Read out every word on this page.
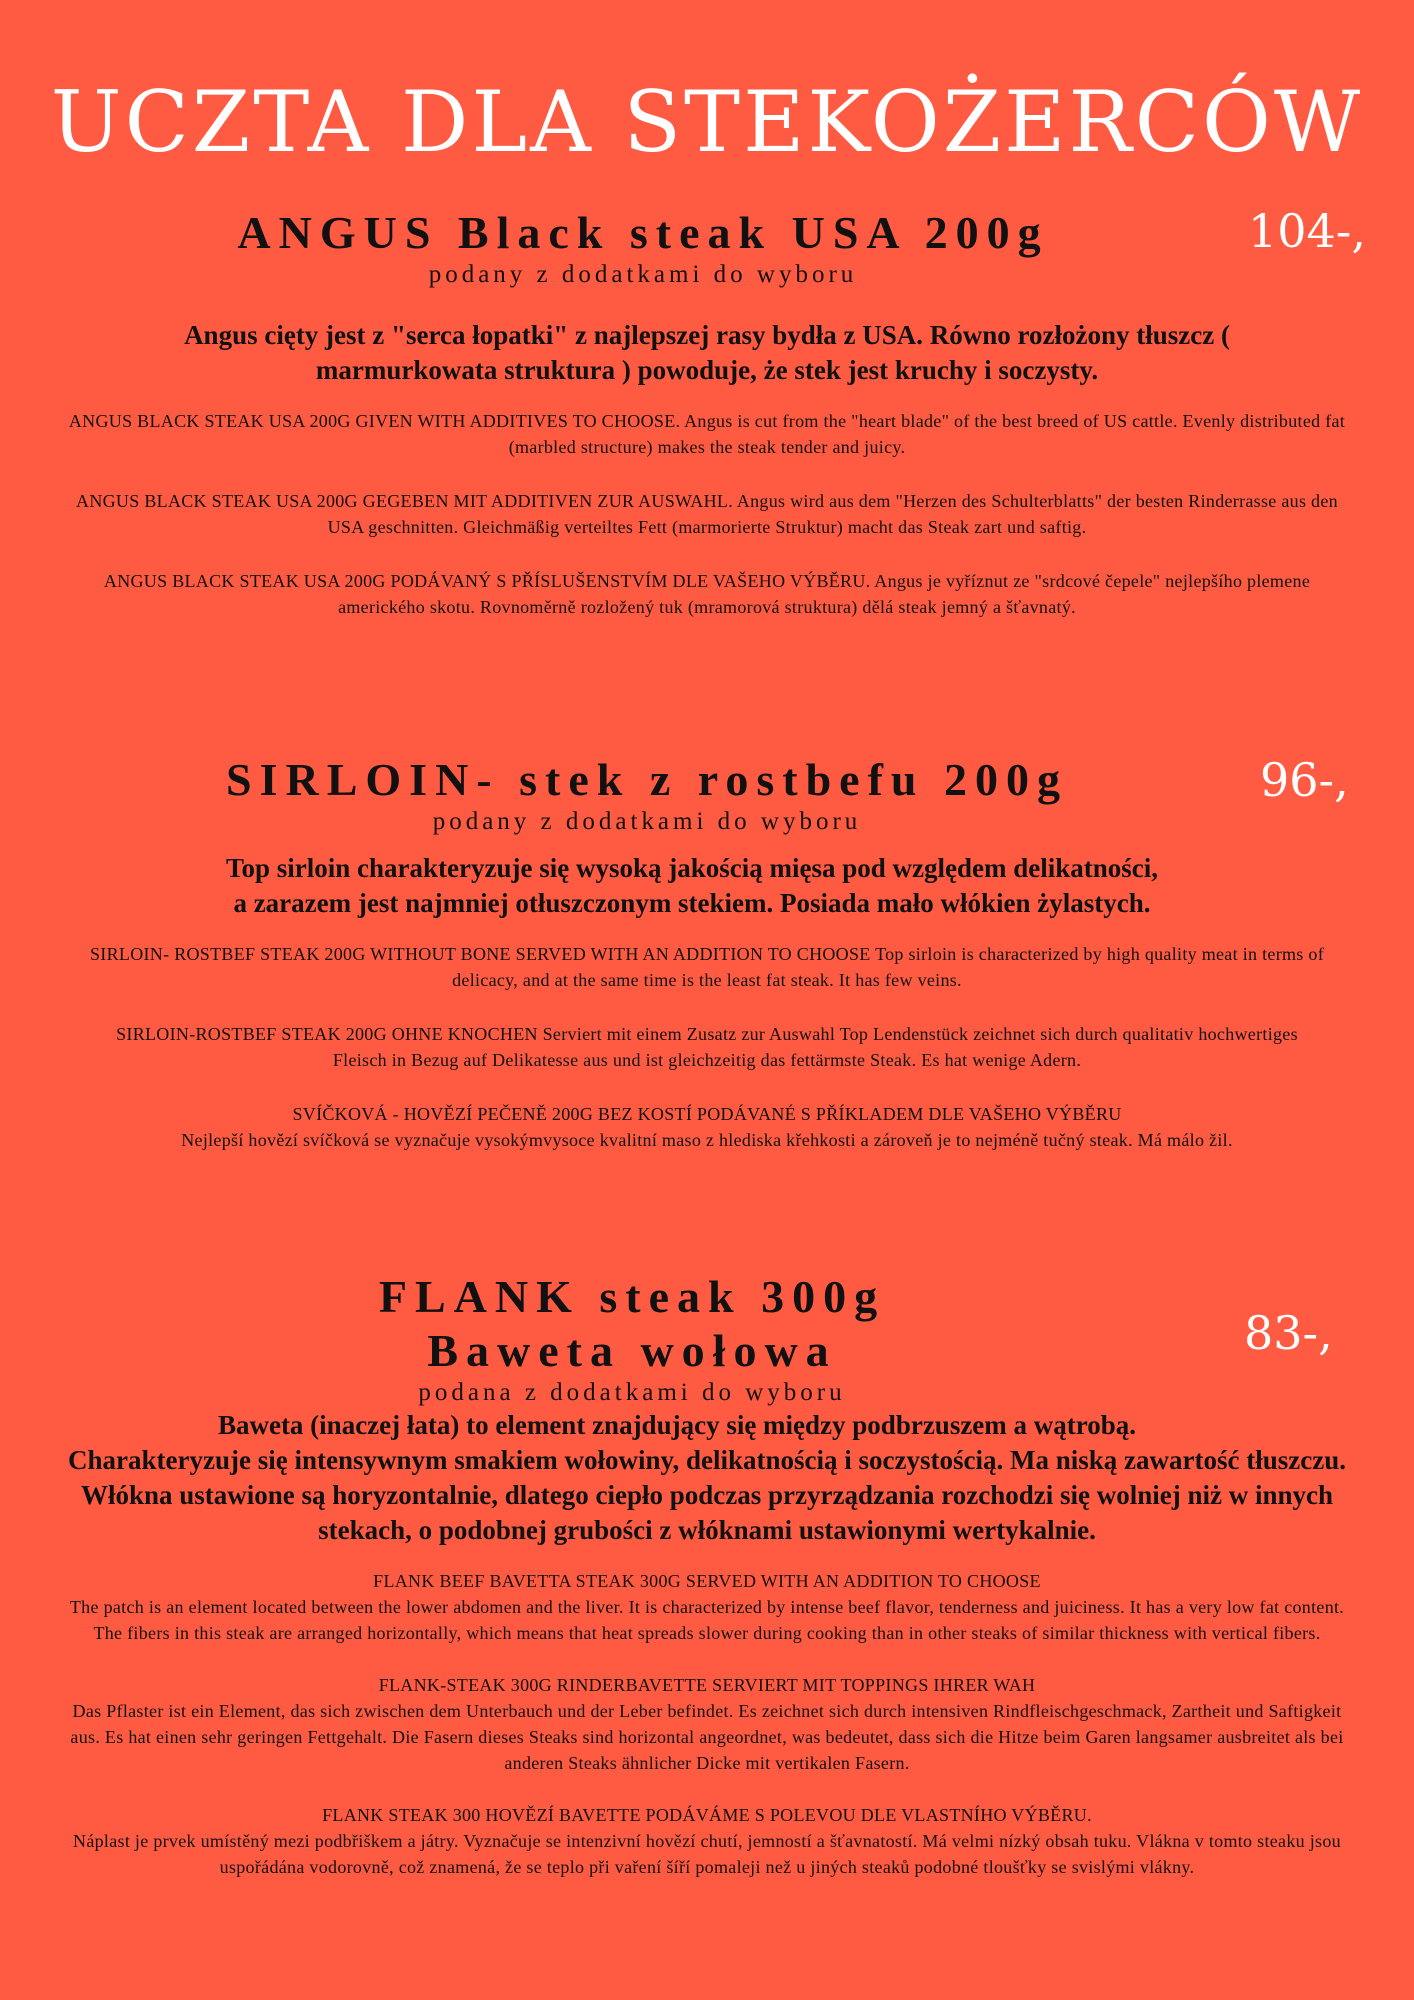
UCZTA DLA STEKOŻERCÓW
ANGUS Black steak USA 200g	104-,

podany z dodatkami do wyboru

Angus cięty jest z "serca łopatki" z najlepszej rasy bydła z USA. Równo rozłożony tłuszcz ( marmurkowata struktura ) powoduje, że stek jest kruchy i soczysty.

ANGUS BLACK STEAK USA 200G GIVEN WITH ADDITIVES TO CHOOSE. Angus is cut from the "heart blade" of the best breed of US cattle. Evenly distributed fat (marbled structure) makes the steak tender and juicy.

ANGUS BLACK STEAK USA 200G GEGEBEN MIT ADDITIVEN ZUR AUSWAHL. Angus wird aus dem "Herzen des Schulterblatts" der besten Rinderrasse aus den USA geschnitten. Gleichmäßig verteiltes Fett (marmorierte Struktur) macht das Steak zart und saftig.

ANGUS BLACK STEAK USA 200G PODÁVANÝ S PŘÍSLUŠENSTVÍM DLE VAŠEHO VÝBĚRU. Angus je vyříznut ze "srdcové čepele" nejlepšího plemene amerického skotu. Rovnoměrně rozložený tuk (mramorová struktura) dělá steak jemný a šťavnatý.

SIRLOIN- stek z rostbefu 200g	96-,

podany z dodatkami do wyboru

Top sirloin charakteryzuje się wysoką jakością mięsa pod względem delikatności,

a zarazem jest najmniej otłuszczonym stekiem. Posiada mało włókien żylastych.

SIRLOIN- ROSTBEF STEAK 200G WITHOUT BONE SERVED WITH AN ADDITION TO CHOOSE Top sirloin is characterized by high quality meat in terms of delicacy, and at the same time is the least fat steak. It has few veins.

SIRLOIN-ROSTBEF STEAK 200G OHNE KNOCHEN Serviert mit einem Zusatz zur Auswahl Top Lendenstück zeichnet sich durch qualitativ hochwertiges Fleisch in Bezug auf Delikatesse aus und ist gleichzeitig das fettärmste Steak. Es hat wenige Adern.

SVÍČKOVÁ - HOVĚZÍ PEČENĚ 200G BEZ KOSTÍ PODÁVANÉ S PŘÍKLADEM DLE VAŠEHO VÝBĚRU
Nejlepší hovězí svíčková se vyznačuje vysokýmvysoce kvalitní maso z hlediska křehkosti a zároveň je to nejméně tučný steak. Má málo žil.

FLANK steak 300g
Baweta wołowa	83-,

podana z dodatkami do wyboru

Baweta (inaczej łata) to element znajdujący się między podbrzuszem a wątrobą.

Charakteryzuje się intensywnym smakiem wołowiny, delikatnością i soczystością. Ma niską zawartość tłuszczu. Włókna ustawione są horyzontalnie, dlatego ciepło podczas przyrządzania rozchodzi się wolniej niż w innych stekach, o podobnej grubości z włóknami ustawionymi wertykalnie.

FLANK BEEF BAVETTA STEAK 300G SERVED WITH AN ADDITION TO CHOOSE
The patch is an element located between the lower abdomen and the liver. It is characterized by intense beef flavor, tenderness and juiciness. It has a very low fat content. The fibers in this steak are arranged horizontally, which means that heat spreads slower during cooking than in other steaks of similar thickness with vertical fibers.

FLANK-STEAK 300G RINDERBAVETTE SERVIERT MIT TOPPINGS IHRER WAH
Das Pflaster ist ein Element, das sich zwischen dem Unterbauch und der Leber befindet. Es zeichnet sich durch intensiven Rindfleischgeschmack, Zartheit und Saftigkeit aus. Es hat einen sehr geringen Fettgehalt. Die Fasern dieses Steaks sind horizontal angeordnet, was bedeutet, dass sich die Hitze beim Garen langsamer ausbreitet als bei anderen Steaks ähnlicher Dicke mit vertikalen Fasern.

FLANK STEAK 300 HOVĚZÍ BAVETTE PODÁVÁME S POLEVOU DLE VLASTNÍHO VÝBĚRU.
Náplast je prvek umístěný mezi podbřiškem a játry. Vyznačuje se intenzivní hovězí chutí, jemností a šťavnatostí. Má velmi nízký obsah tuku. Vlákna v tomto steaku jsou uspořádána vodorovně, což znamená, že se teplo při vaření šíří pomaleji než u jiných steaků podobné tloušťky se svislými vlákny.
